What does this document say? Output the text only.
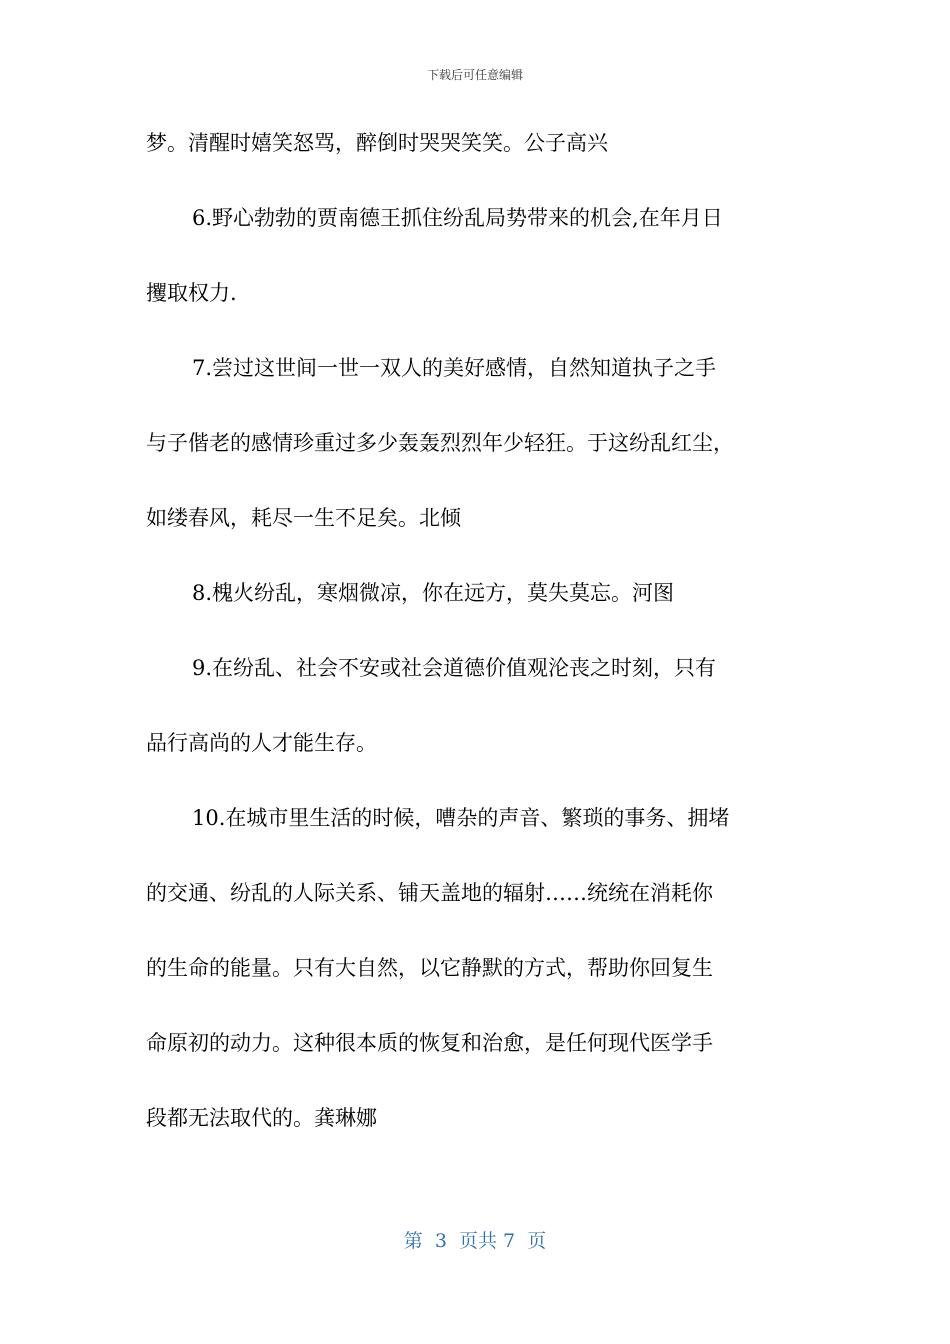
下载后可任意编辑
梦。清醒时嬉笑怒骂，醉倒时哭哭笑笑。公子高兴
6.野心勃勃的贾南德王抓住纷乱局势带来的机会,在年月日
攫取权力.
7.尝过这世间一世一双人的美好感情，自然知道执子之手
与子偕老的感情珍重过多少轰轰烈烈年少轻狂。于这纷乱红尘，
如缕春风，耗尽一生不足矣。北倾
8.槐火纷乱，寒烟微凉，你在远方，莫失莫忘。河图
9.在纷乱、社会不安或社会道德价值观沦丧之时刻，只有
品行高尚的人才能生存。
10.在城市里生活的时候，嘈杂的声音、繁琐的事务、拥堵
的交通、纷乱的人际关系、铺天盖地的辐射……统统在消耗你
的生命的能量。只有大自然，以它静默的方式，帮助你回复生
命原初的动力。这种很本质的恢复和治愈，是任何现代医学手
段都无法取代的。龚琳娜
第  3  页共 7  页
